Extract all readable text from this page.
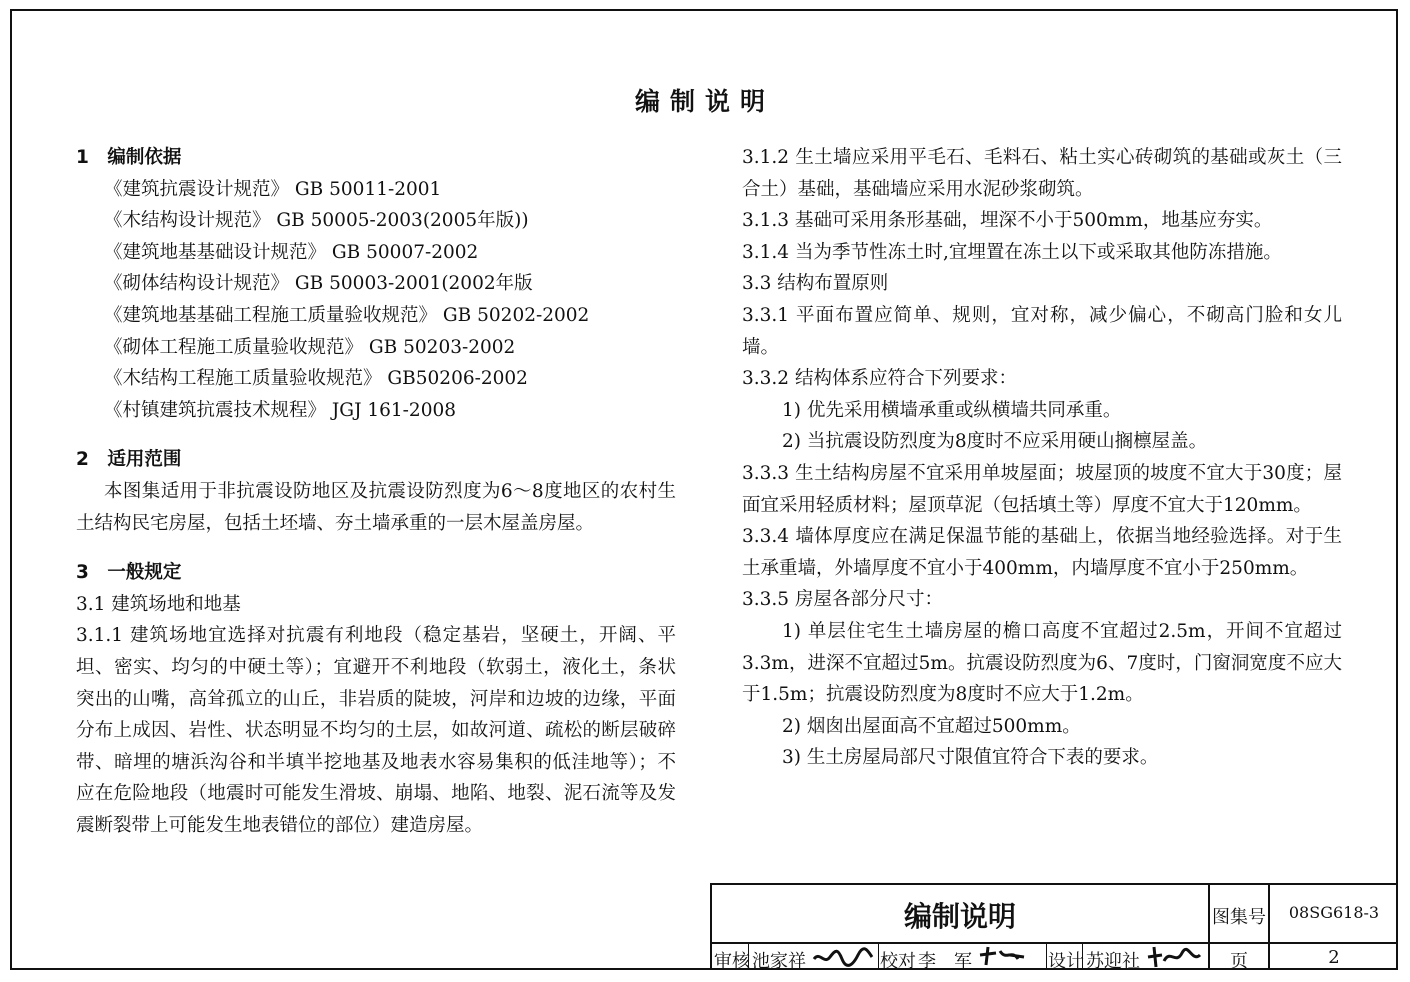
编制说明

1　编制依据

《建筑抗震设计规范》 GB 50011-2001

《木结构设计规范》 GB 50005-2003(2005年版))

《建筑地基基础设计规范》 GB 50007-2002

《砌体结构设计规范》 GB 50003-2001(2002年版

《建筑地基基础工程施工质量验收规范》 GB 50202-2002

《砌体工程施工质量验收规范》 GB 50203-2002

《木结构工程施工质量验收规范》 GB50206-2002

《村镇建筑抗震技术规程》 JGJ 161-2008

2　适用范围

本图集适用于非抗震设防地区及抗震设防烈度为6～8度地区的农村生土结构民宅房屋，包括土坯墙、夯土墙承重的一层木屋盖房屋。

3　一般规定

3.1 建筑场地和地基

3.1.1 建筑场地宜选择对抗震有利地段（稳定基岩，坚硬土，开阔、平坦、密实、均匀的中硬土等）；宜避开不利地段（软弱土，液化土，条状突出的山嘴，高耸孤立的山丘，非岩质的陡坡，河岸和边坡的边缘，平面分布上成因、岩性、状态明显不均匀的土层，如故河道、疏松的断层破碎带、暗埋的塘浜沟谷和半填半挖地基及地表水容易集积的低洼地等）；不应在危险地段（地震时可能发生滑坡、崩塌、地陷、地裂、泥石流等及发震断裂带上可能发生地表错位的部位）建造房屋。

3.1.2 生土墙应采用平毛石、毛料石、粘土实心砖砌筑的基础或灰土（三合土）基础，基础墙应采用水泥砂浆砌筑。

3.1.3 基础可采用条形基础，埋深不小于500mm，地基应夯实。

3.1.4 当为季节性冻土时,宜埋置在冻土以下或采取其他防冻措施。

3.3 结构布置原则

3.3.1 平面布置应简单、规则，宜对称，减少偏心，不砌高门脸和女儿墙。

3.3.2 结构体系应符合下列要求：

1) 优先采用横墙承重或纵横墙共同承重。

2) 当抗震设防烈度为8度时不应采用硬山搁檩屋盖。

3.3.3 生土结构房屋不宜采用单坡屋面；坡屋顶的坡度不宜大于30度；屋面宜采用轻质材料；屋顶草泥（包括填土等）厚度不宜大于120mm。

3.3.4 墙体厚度应在满足保温节能的基础上，依据当地经验选择。对于生土承重墙，外墙厚度不宜小于400mm，内墙厚度不宜小于250mm。

3.3.5 房屋各部分尺寸：

1) 单层住宅生土墙房屋的檐口高度不宜超过2.5m，开间不宜超过3.3m，进深不宜超过5m。抗震设防烈度为6、7度时，门窗洞宽度不应大于1.5m；抗震设防烈度为8度时不应大于1.2m。

2) 烟囱出屋面高不宜超过500mm。

3) 生土房屋局部尺寸限值宜符合下表的要求。

编制说明	图集号	08SG618-3
审核 池家祥	校对 李　军	设计 苏迎社	页	2
